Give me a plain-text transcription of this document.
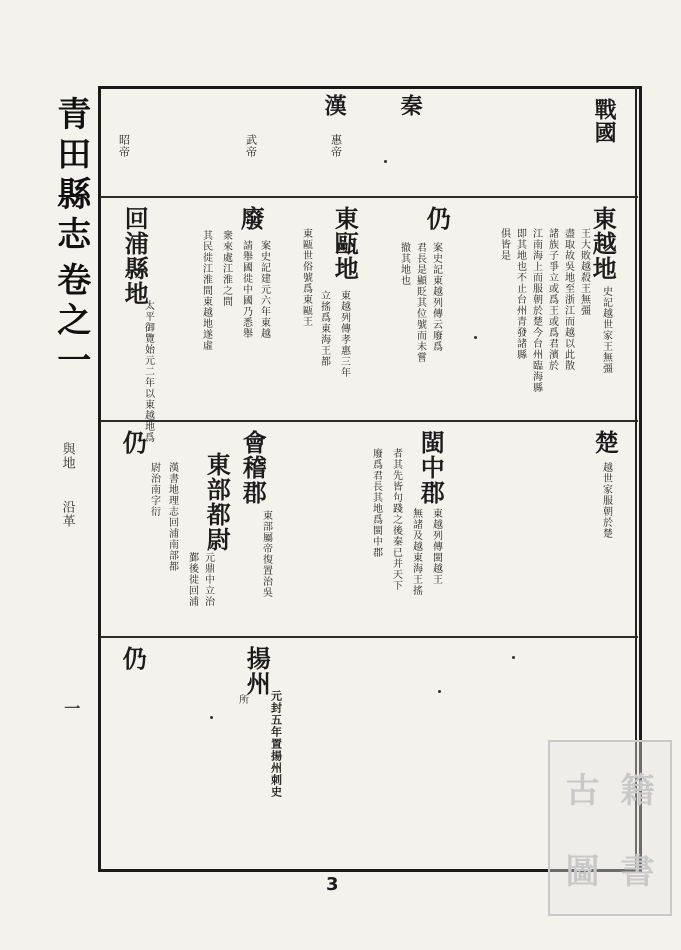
青田縣志
卷之一
與地
沿革
一
戰國
秦
漢
惠帝
武帝
昭帝
東越地
史記越世家王無彊
王大敗越殺王無彊
盡取故吳地至浙江而越以此散
諸族子爭立或爲王或爲君濱於
江南海上而服朝於楚今台州臨海縣
即其地也不止台州青發諸縣
俱皆是
仍
案史記東越列傳云廢爲
君長是顯貶其位號而未嘗
撤其地也
東甌地
東越列傳孝惠三年
立搖爲東海王都
東甌世俗號爲東甌王
廢
案史記建元六年東越
請舉國徙中國乃悉舉
衆來處江淮之間
其民徙江淮間東越地遂虛
回浦縣地
太平御覽始元二年以東越地爲	楚
越世家服朝於楚
閩中郡
東越列傳閩越王
無諸及越東海王搖
者其先皆句踐之後秦已并天下
廢爲君長其地爲閩中郡
會稽郡
東部屬帝復置治吳
東部都尉
元鼎中立治
鄞後徙回浦
漢書地理志回浦南部都
尉治南字衍
仍
揚州
所 元封五年置揚州刺史
仍
3
古 籍
圖 書
